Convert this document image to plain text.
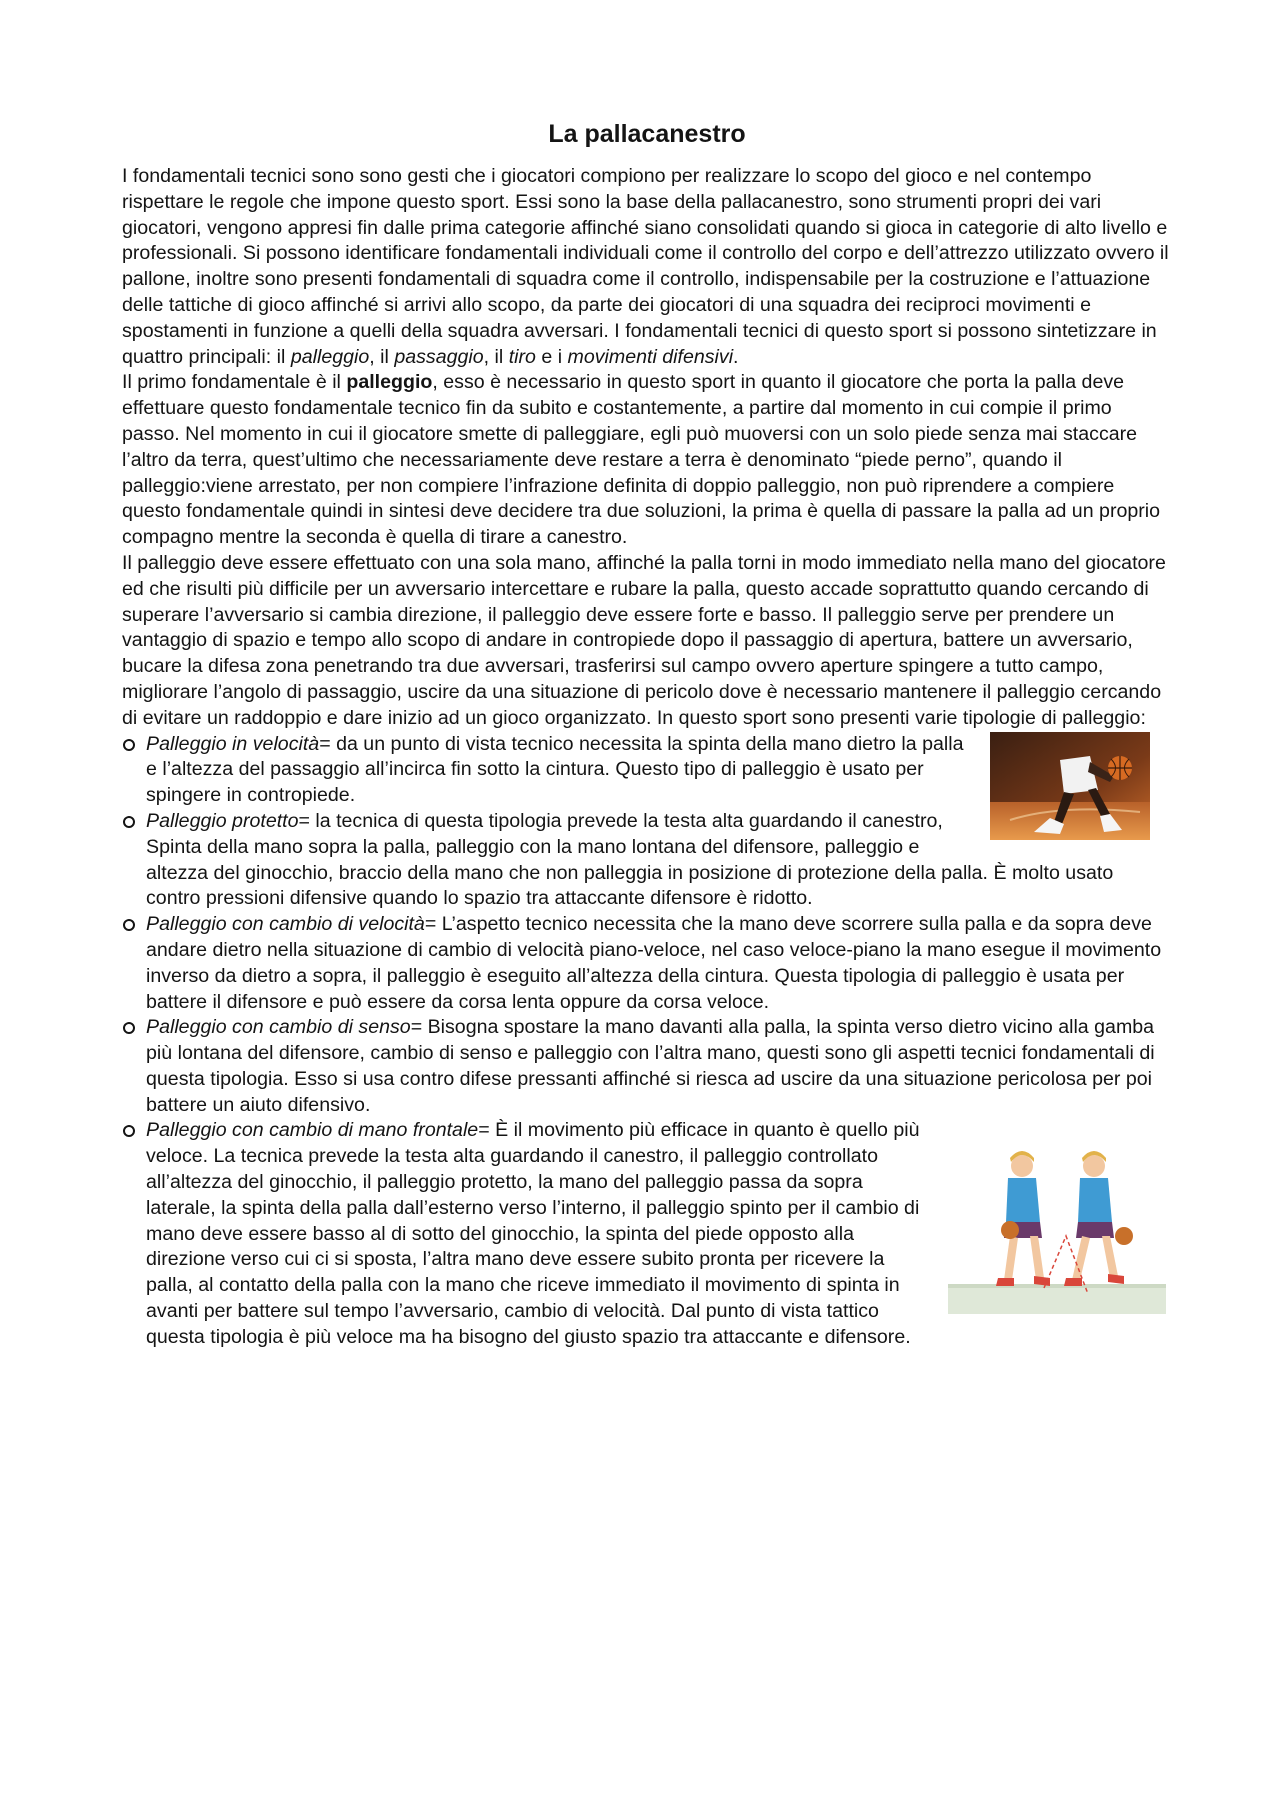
La pallacanestro

I fondamentali tecnici sono sono gesti che i giocatori compiono per realizzare lo scopo del gioco e nel contempo rispettare le regole che impone questo sport. Essi sono la base della pallacanestro, sono strumenti propri dei vari giocatori, vengono appresi fin dalle prima categorie affinché siano consolidati quando si gioca in categorie di alto livello e professionali. Si possono identificare fondamentali individuali come il controllo del corpo e dell’attrezzo utilizzato ovvero il pallone, inoltre sono presenti fondamentali di squadra come il controllo, indispensabile per la costruzione e l’attuazione delle tattiche di gioco affinché si arrivi allo scopo, da parte dei giocatori di una squadra dei reciproci movimenti e spostamenti in funzione a quelli della squadra avversari. I fondamentali tecnici di questo sport si possono sintetizzare in quattro principali: il palleggio, il passaggio, il tiro e i movimenti difensivi.

Il primo fondamentale è il palleggio, esso è necessario in questo sport in quanto il giocatore che porta la palla deve effettuare questo fondamentale tecnico fin da subito e costantemente, a partire dal momento in cui compie il primo passo. Nel momento in cui il giocatore smette di palleggiare, egli può muoversi con un solo piede senza mai staccare l’altro da terra, quest’ultimo che necessariamente deve restare a terra è denominato “piede perno”, quando il palleggio:viene arrestato, per non compiere l’infrazione definita di doppio palleggio, non può riprendere a compiere questo fondamentale quindi in sintesi deve decidere tra due soluzioni, la prima è quella di passare la palla ad un proprio compagno mentre la seconda è quella di tirare a canestro.

Il palleggio deve essere effettuato con una sola mano, affinché la palla torni in modo immediato nella mano del giocatore ed che risulti più difficile per un avversario intercettare e rubare la palla, questo accade soprattutto quando cercando di superare l’avversario si cambia direzione, il palleggio deve essere forte e basso. Il palleggio serve per prendere un vantaggio di spazio e tempo allo scopo di andare in contropiede dopo il passaggio di apertura, battere un avversario, bucare la difesa zona penetrando tra due avversari, trasferirsi sul campo ovvero aperture spingere a tutto campo, migliorare l’angolo di passaggio, uscire da una situazione di pericolo dove è necessario mantenere il palleggio cercando di evitare un raddoppio e dare inizio ad un gioco organizzato. In questo sport sono presenti varie tipologie di palleggio:

Palleggio in velocità= da un punto di vista tecnico necessita la spinta della mano dietro la palla e l’altezza del passaggio all’incirca fin sotto la cintura. Questo tipo di palleggio è usato per spingere in contropiede.
Palleggio protetto= la tecnica di questa tipologia prevede la testa alta guardando il canestro, Spinta della mano sopra la palla, palleggio con la mano lontana del difensore, palleggio e altezza del ginocchio, braccio della mano che non palleggia in posizione di protezione della palla. È molto usato contro pressioni difensive quando lo spazio tra attaccante difensore è ridotto.
Palleggio con cambio di velocità= L’aspetto tecnico necessita che la mano deve scorrere sulla palla e da sopra deve andare dietro nella situazione di cambio di velocità piano-veloce, nel caso veloce-piano la mano esegue il movimento inverso da dietro a sopra, il palleggio è eseguito all’altezza della cintura. Questa tipologia di palleggio è usata per battere il difensore e può essere da corsa lenta oppure da corsa veloce.
Palleggio con cambio di senso= Bisogna spostare la mano davanti alla palla, la spinta verso dietro vicino alla gamba più lontana del difensore, cambio di senso e palleggio con l’altra mano, questi sono gli aspetti tecnici fondamentali di questa tipologia. Esso si usa contro difese pressanti affinché si riesca ad uscire da una situazione pericolosa per poi battere un aiuto difensivo.
Palleggio con cambio di mano frontale= È il movimento più efficace in quanto è quello più veloce. La tecnica prevede la testa alta guardando il canestro, il palleggio controllato all’altezza del ginocchio, il palleggio protetto, la mano del palleggio passa da sopra laterale, la spinta della palla dall’esterno verso l’interno, il palleggio spinto per il cambio di mano deve essere basso al di sotto del ginocchio, la spinta del piede opposto alla direzione verso cui ci si sposta, l’altra mano deve essere subito pronta per ricevere la palla, al contatto della palla con la mano che riceve immediato il movimento di spinta in avanti per battere sul tempo l’avversario, cambio di velocità. Dal punto di vista tattico questa tipologia è più veloce ma ha bisogno del giusto spazio tra attaccante e difensore.
